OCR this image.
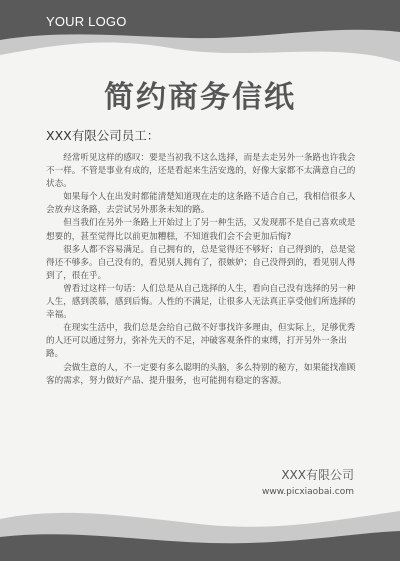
YOUR LOGO
简约商务信纸
XXX有限公司员工：

经常听见这样的感叹：要是当初我不这么选择，而是去走另外一条路也许我会不一样。不管是事业有成的，还是看起来生活安逸的，好像大家都不太满意自己的状态。

如果每个人在出发时都能清楚知道现在走的这条路不适合自己，我相信很多人会放弃这条路，去尝试另外那条未知的路。

但当我们在另外一条路上开始过上了另一种生活，又发现那不是自己喜欢或是想要的，甚至觉得比以前更加糟糕，不知道我们会不会更加后悔?

很多人都不容易满足。自己拥有的，总是觉得还不够好；自己得到的，总是觉得还不够多。自己没有的，看见别人拥有了，很嫉妒；自己没得到的，看见别人得到了，很在乎。

曾看过这样一句话：人们总是从自己选择的人生，看向自己没有选择的另一种人生，感到羡慕，感到后悔。人性的不满足，让很多人无法真正享受他们所选择的幸福。

在现实生活中，我们总是会给自己做不好事找许多理由，但实际上，足够优秀的人还可以通过努力，弥补先天的不足，冲破客观条件的束缚，打开另外一条出路。

会做生意的人，不一定要有多么聪明的头脑，多么特别的秘方，如果能找准顾客的需求，努力做好产品、提升服务，也可能拥有稳定的客源。

XXX有限公司
www.picxiaobai.com
